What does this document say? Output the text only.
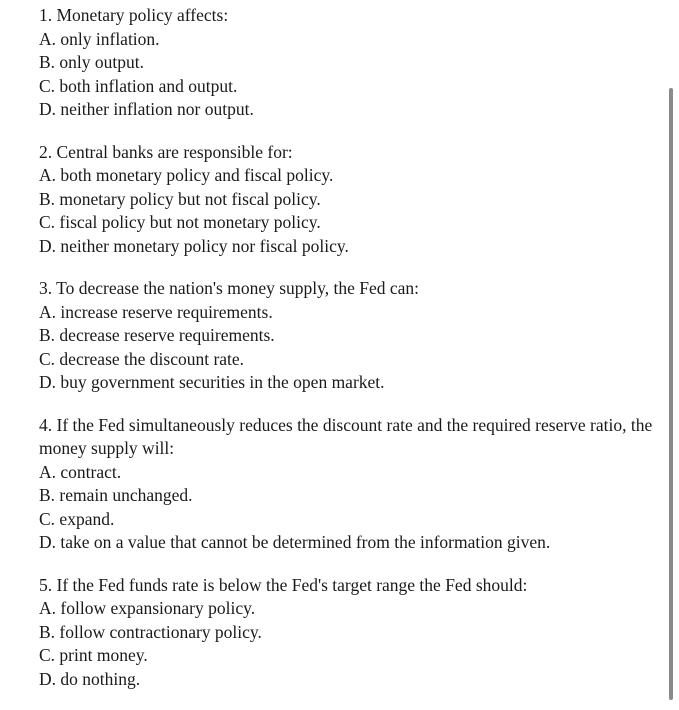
1. Monetary policy affects:
A. only inflation.
B. only output.
C. both inflation and output.
D. neither inflation nor output.
2. Central banks are responsible for:
A. both monetary policy and fiscal policy.
B. monetary policy but not fiscal policy.
C. fiscal policy but not monetary policy.
D. neither monetary policy nor fiscal policy.
3. To decrease the nation's money supply, the Fed can:
A. increase reserve requirements.
B. decrease reserve requirements.
C. decrease the discount rate.
D. buy government securities in the open market.
4. If the Fed simultaneously reduces the discount rate and the required reserve ratio, the money supply will:
A. contract.
B. remain unchanged.
C. expand.
D. take on a value that cannot be determined from the information given.
5. If the Fed funds rate is below the Fed's target range the Fed should:
A. follow expansionary policy.
B. follow contractionary policy.
C. print money.
D. do nothing.
